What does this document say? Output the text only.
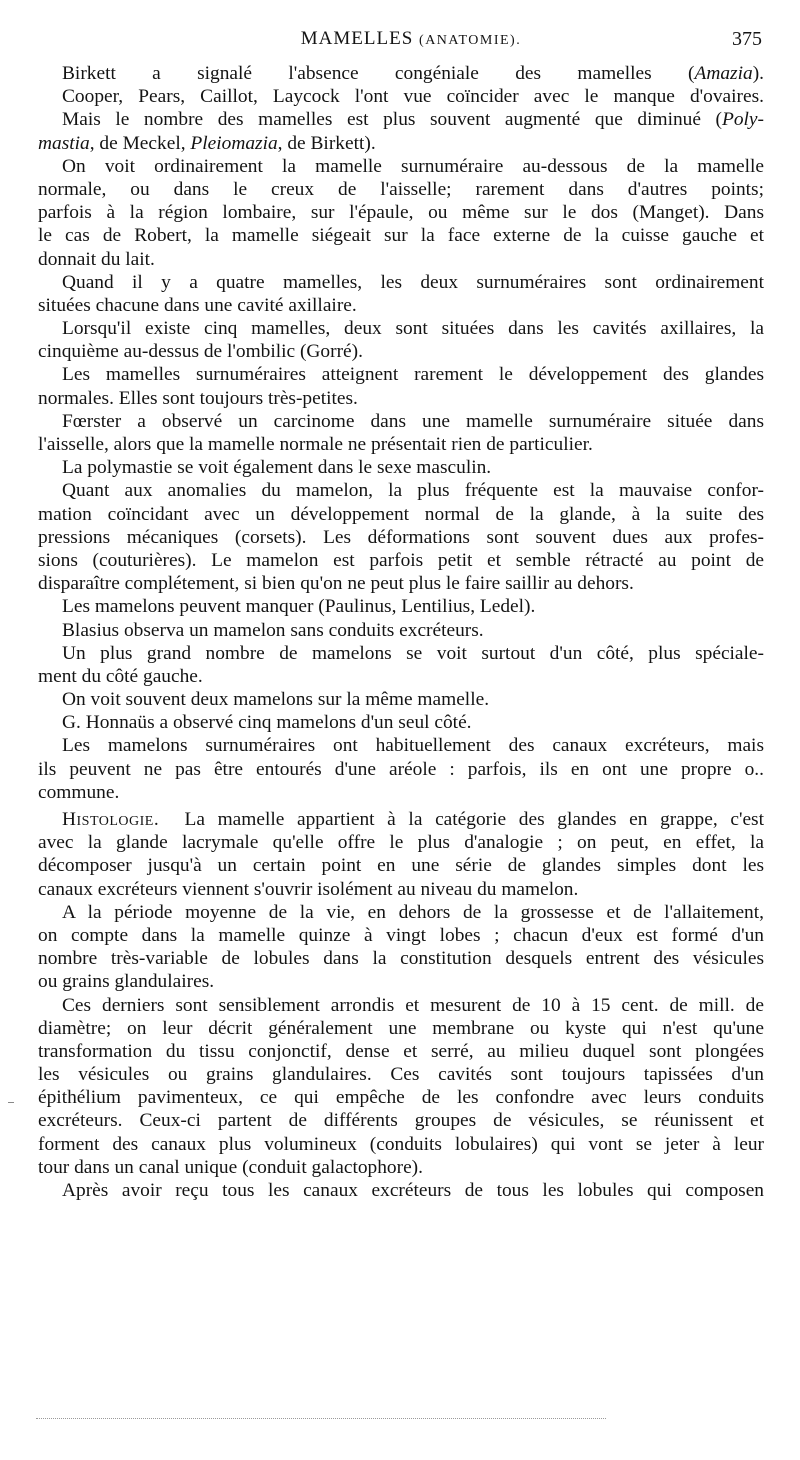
MAMELLES (ANATOMIE).	375
Birkett a signalé l'absence congéniale des mamelles (Amazia).
Cooper, Pears, Caillot, Laycock l'ont vue coïncider avec le manque d'ovaires.
Mais le nombre des mamelles est plus souvent augmenté que diminué (Poly-
mastia, de Meckel, Pleiomazia, de Birkett).
On voit ordinairement la mamelle surnuméraire au-dessous de la mamelle
normale, ou dans le creux de l'aisselle; rarement dans d'autres points;
parfois à la région lombaire, sur l'épaule, ou même sur le dos (Manget). Dans
le cas de Robert, la mamelle siégeait sur la face externe de la cuisse gauche et
donnait du lait.
Quand il y a quatre mamelles, les deux surnuméraires sont ordinairement
situées chacune dans une cavité axillaire.
Lorsqu'il existe cinq mamelles, deux sont situées dans les cavités axillaires, la
cinquième au-dessus de l'ombilic (Gorré).
Les mamelles surnuméraires atteignent rarement le développement des glandes
normales. Elles sont toujours très-petites.
Fœrster a observé un carcinome dans une mamelle surnuméraire située dans
l'aisselle, alors que la mamelle normale ne présentait rien de particulier.
La polymastie se voit également dans le sexe masculin.
Quant aux anomalies du mamelon, la plus fréquente est la mauvaise confor-
mation coïncidant avec un développement normal de la glande, à la suite des
pressions mécaniques (corsets). Les déformations sont souvent dues aux profes-
sions (couturières). Le mamelon est parfois petit et semble rétracté au point de
disparaître complétement, si bien qu'on ne peut plus le faire saillir au dehors.
Les mamelons peuvent manquer (Paulinus, Lentilius, Ledel).
Blasius observa un mamelon sans conduits excréteurs.
Un plus grand nombre de mamelons se voit surtout d'un côté, plus spéciale-
ment du côté gauche.
On voit souvent deux mamelons sur la même mamelle.
G. Honnaüs a observé cinq mamelons d'un seul côté.
Les mamelons surnuméraires ont habituellement des canaux excréteurs, mais
ils peuvent ne pas être entourés d'une aréole : parfois, ils en ont une propre o..
commune.
Histologie. La mamelle appartient à la catégorie des glandes en grappe, c'est
avec la glande lacrymale qu'elle offre le plus d'analogie ; on peut, en effet, la
décomposer jusqu'à un certain point en une série de glandes simples dont les
canaux excréteurs viennent s'ouvrir isolément au niveau du mamelon.
A la période moyenne de la vie, en dehors de la grossesse et de l'allaitement,
on compte dans la mamelle quinze à vingt lobes ; chacun d'eux est formé d'un
nombre très-variable de lobules dans la constitution desquels entrent des vésicules
ou grains glandulaires.
Ces derniers sont sensiblement arrondis et mesurent de 10 à 15 cent. de mill. de
diamètre; on leur décrit généralement une membrane ou kyste qui n'est qu'une
transformation du tissu conjonctif, dense et serré, au milieu duquel sont plongées
les vésicules ou grains glandulaires. Ces cavités sont toujours tapissées d'un
épithélium pavimenteux, ce qui empêche de les confondre avec leurs conduits
excréteurs. Ceux-ci partent de différents groupes de vésicules, se réunissent et
forment des canaux plus volumineux (conduits lobulaires) qui vont se jeter à leur
tour dans un canal unique (conduit galactophore).
Après avoir reçu tous les canaux excréteurs de tous les lobules qui composen
